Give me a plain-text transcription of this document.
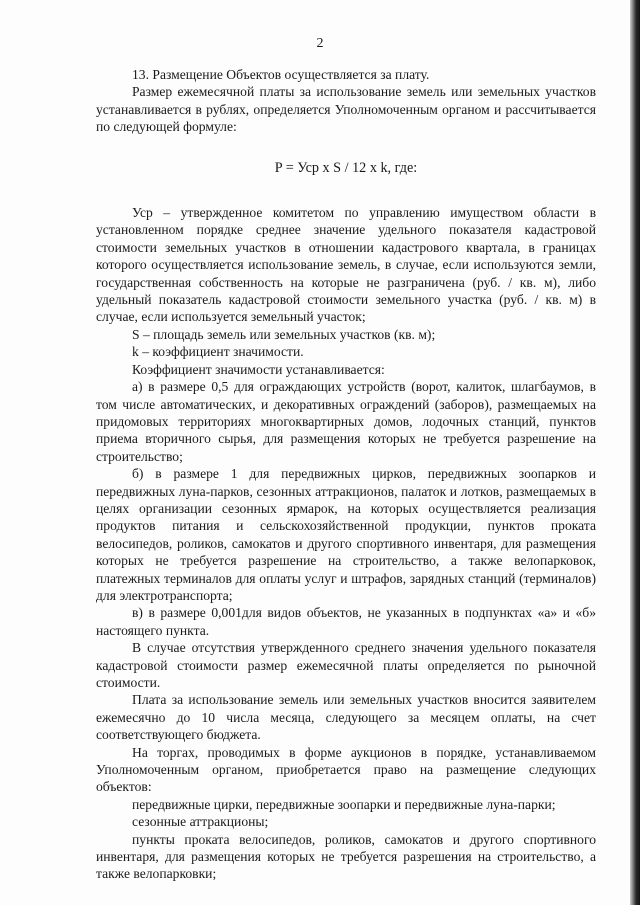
2

13. Размещение Объектов осуществляется за плату.

Размер ежемесячной платы за использование земель или земельных участков устанавливается в рублях, определяется Уполномоченным органом и рассчитывается по следующей формуле:

P = Уср x S / 12 x k, где:

Уср – утвержденное комитетом по управлению имуществом области в установленном порядке среднее значение удельного показателя кадастровой стоимости земельных участков в отношении кадастрового квартала, в границах которого осуществляется использование земель, в случае, если используются земли, государственная собственность на которые не разграничена (руб. / кв. м), либо удельный показатель кадастровой стоимости земельного участка (руб. / кв. м) в случае, если используется земельный участок;

S – площадь земель или земельных участков (кв. м);

k – коэффициент значимости.

Коэффициент значимости устанавливается:

а) в размере 0,5 для ограждающих устройств (ворот, калиток, шлагбаумов, в том числе автоматических, и декоративных ограждений (заборов), размещаемых на придомовых территориях многоквартирных домов, лодочных станций, пунктов приема вторичного сырья, для размещения которых не требуется разрешение на строительство;

б) в размере 1 для передвижных цирков, передвижных зоопарков и передвижных луна-парков, сезонных аттракционов, палаток и лотков, размещаемых в целях организации сезонных ярмарок, на которых осуществляется реализация продуктов питания и сельскохозяйственной продукции, пунктов проката велосипедов, роликов, самокатов и другого спортивного инвентаря, для размещения которых не требуется разрешение на строительство, а также велопарковок, платежных терминалов для оплаты услуг и штрафов, зарядных станций (терминалов) для электротранспорта;

в) в размере 0,001для видов объектов, не указанных в подпунктах «а» и «б» настоящего пункта.

В случае отсутствия утвержденного среднего значения удельного показателя кадастровой стоимости размер ежемесячной платы определяется по рыночной стоимости.

Плата за использование земель или земельных участков вносится заявителем ежемесячно до 10 числа месяца, следующего за месяцем оплаты, на счет соответствующего бюджета.

На торгах, проводимых в форме аукционов в порядке, устанавливаемом Уполномоченным органом, приобретается право на размещение следующих объектов:

передвижные цирки, передвижные зоопарки и передвижные луна-парки;

сезонные аттракционы;

пункты проката велосипедов, роликов, самокатов и другого спортивного инвентаря, для размещения которых не требуется разрешения на строительство, а также велопарковки;
